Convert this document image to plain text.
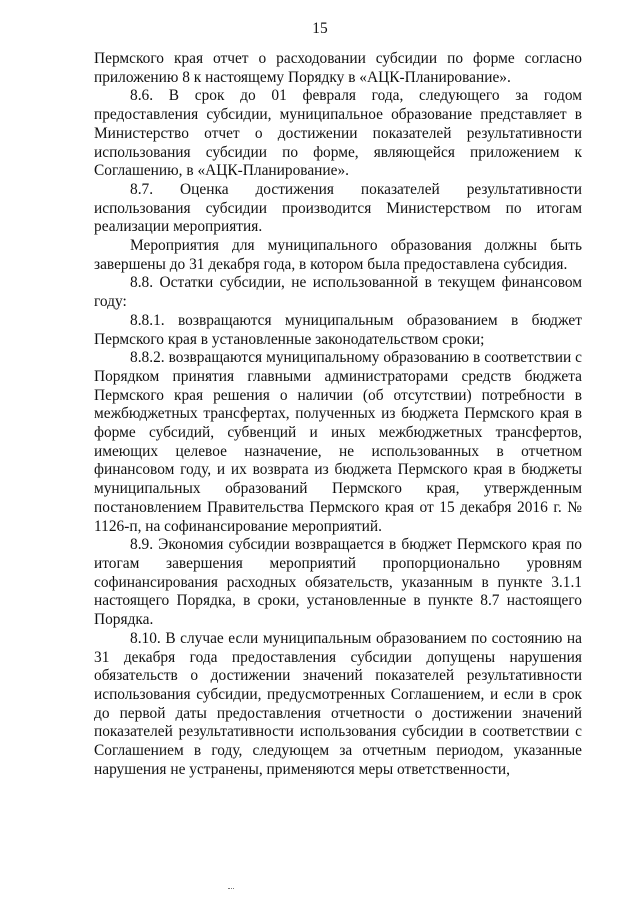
15

Пермского края отчет о расходовании субсидии по форме согласно приложению 8 к настоящему Порядку в «АЦК-Планирование».

8.6. В срок до 01 февраля года, следующего за годом предоставления субсидии, муниципальное образование представляет в Министерство отчет о достижении показателей результативности использования субсидии по форме, являющейся приложением к Соглашению, в «АЦК-Планирование».

8.7. Оценка достижения показателей результативности использования субсидии производится Министерством по итогам реализации мероприятия.

Мероприятия для муниципального образования должны быть завершены до 31 декабря года, в котором была предоставлена субсидия.

8.8. Остатки субсидии, не использованной в текущем финансовом году:

8.8.1. возвращаются муниципальным образованием в бюджет Пермского края в установленные законодательством сроки;

8.8.2. возвращаются муниципальному образованию в соответствии с Порядком принятия главными администраторами средств бюджета Пермского края решения о наличии (об отсутствии) потребности в межбюджетных трансфертах, полученных из бюджета Пермского края в форме субсидий, субвенций и иных межбюджетных трансфертов, имеющих целевое назначение, не использованных в отчетном финансовом году, и их возврата из бюджета Пермского края в бюджеты муниципальных образований Пермского края, утвержденным постановлением Правительства Пермского края от 15 декабря 2016 г. № 1126-п, на софинансирование мероприятий.

8.9. Экономия субсидии возвращается в бюджет Пермского края по итогам завершения мероприятий пропорционально уровням софинансирования расходных обязательств, указанным в пункте 3.1.1 настоящего Порядка, в сроки, установленные в пункте 8.7 настоящего Порядка.

8.10. В случае если муниципальным образованием по состоянию на 31 декабря года предоставления субсидии допущены нарушения обязательств о достижении значений показателей результативности использования субсидии, предусмотренных Соглашением, и если в срок до первой даты предоставления отчетности о достижении значений показателей результативности использования субсидии в соответствии с Соглашением в году, следующем за отчетным периодом, указанные нарушения не устранены, применяются меры ответственности,
